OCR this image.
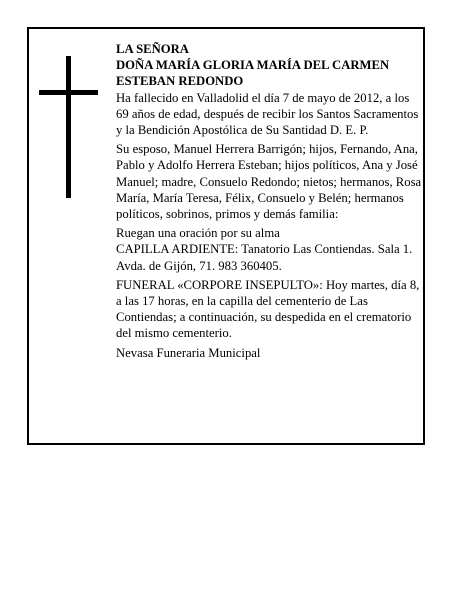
LA SEÑORA

DOÑA MARÍA GLORIA MARÍA DEL CARMEN ESTEBAN REDONDO

Ha fallecido en Valladolid el día 7 de mayo de 2012, a los 69 años de edad, después de recibir los Santos Sacramentos y la Bendición Apostólica de Su Santidad D. E. P.

Su esposo, Manuel Herrera Barrigón; hijos, Fernando, Ana, Pablo y Adolfo Herrera Esteban; hijos políticos, Ana y José Manuel; madre, Consuelo Redondo; nietos; hermanos, Rosa María, María Teresa, Félix, Consuelo y Belén; hermanos políticos, sobrinos, primos y demás familia:

Ruegan una oración por su alma

CAPILLA ARDIENTE: Tanatorio Las Contiendas. Sala 1. Avda. de Gijón, 71. 983 360405.

FUNERAL «CORPORE INSEPULTO»: Hoy martes, día 8, a las 17 horas, en la capilla del cementerio de Las Contiendas; a continuación, su despedida en el crematorio del mismo cementerio.

Nevasa Funeraria Municipal
